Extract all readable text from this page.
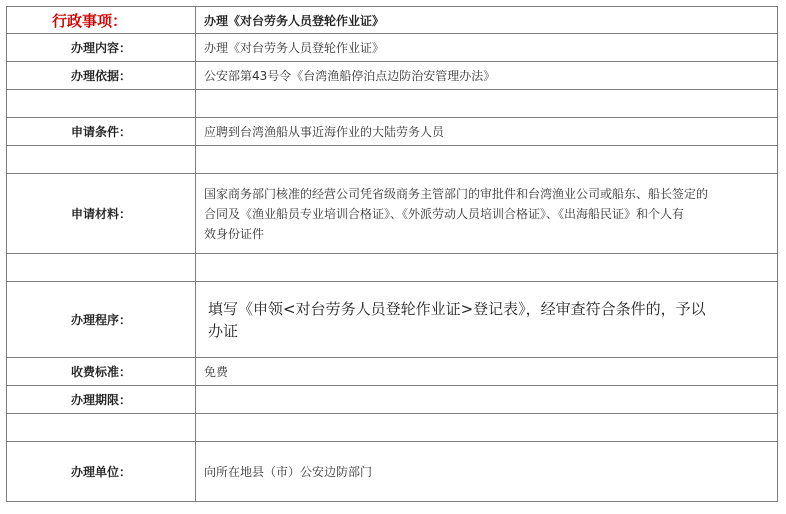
行政事项：	办理《对台劳务人员登轮作业证》
办理内容：	办理《对台劳务人员登轮作业证》
办理依据：	公安部第43号令《台湾渔船停泊点边防治安管理办法》

申请条件：	应聘到台湾渔船从事近海作业的大陆劳务人员

申请材料：	国家商务部门核准的经营公司凭省级商务主管部门的审批件和台湾渔业公司或船东、船长签定的
合同及《渔业船员专业培训合格证》、《外派劳动人员培训合格证》、《出海船民证》和个人有
效身份证件

办理程序：	填写《申领<对台劳务人员登轮作业证>登记表》，经审查符合条件的，予以
办证
收费标准：	免费
办理期限：	

办理单位：	向所在地县（市）公安边防部门
